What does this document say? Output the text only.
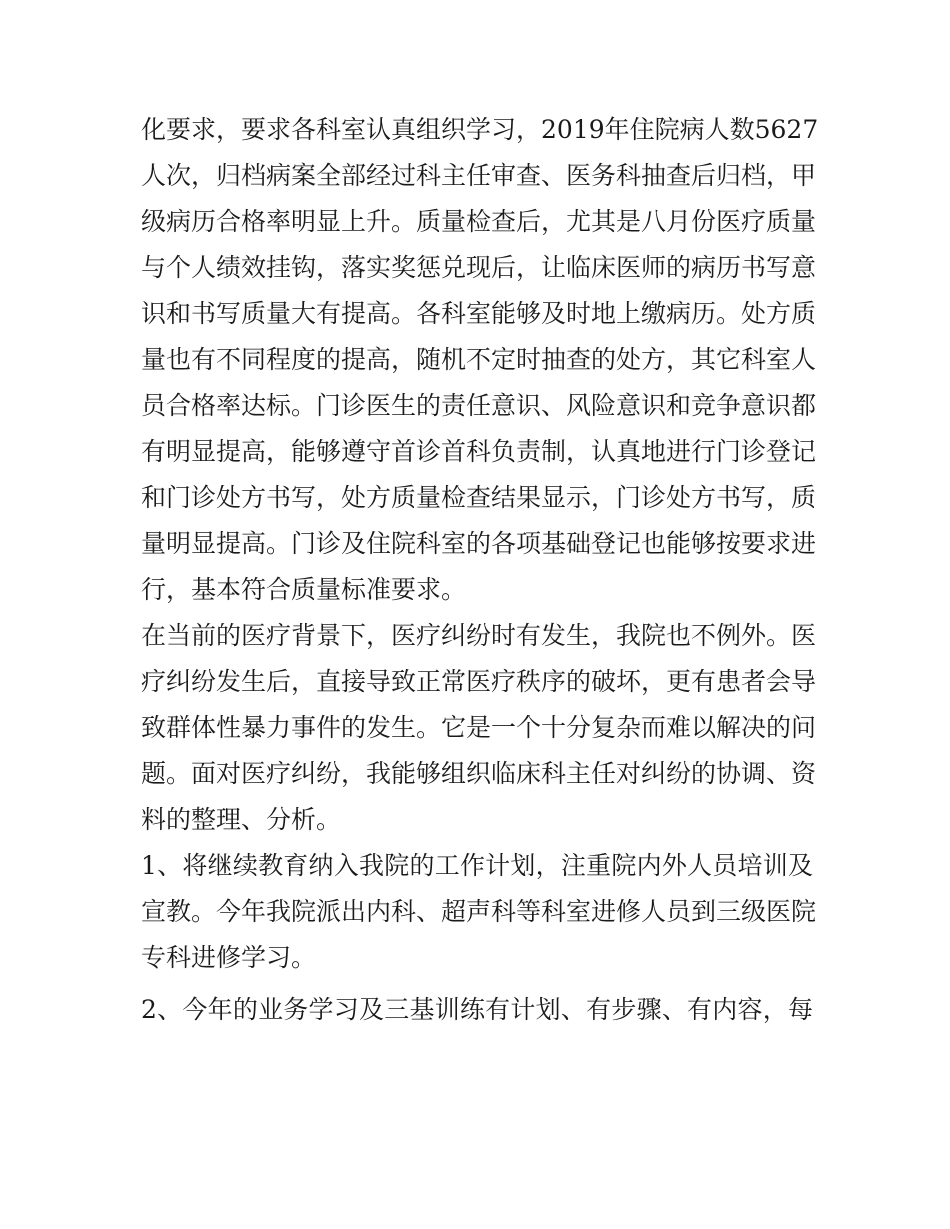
化要求，要求各科室认真组织学习，2019年住院病人数5627
人次，归档病案全部经过科主任审查、医务科抽查后归档，甲
级病历合格率明显上升。质量检查后，尤其是八月份医疗质量
与个人绩效挂钩，落实奖惩兑现后，让临床医师的病历书写意
识和书写质量大有提高。各科室能够及时地上缴病历。处方质
量也有不同程度的提高，随机不定时抽查的处方，其它科室人
员合格率达标。门诊医生的责任意识、风险意识和竞争意识都
有明显提高，能够遵守首诊首科负责制，认真地进行门诊登记
和门诊处方书写，处方质量检查结果显示，门诊处方书写，质
量明显提高。门诊及住院科室的各项基础登记也能够按要求进
行，基本符合质量标准要求。
在当前的医疗背景下，医疗纠纷时有发生，我院也不例外。医
疗纠纷发生后，直接导致正常医疗秩序的破坏，更有患者会导
致群体性暴力事件的发生。它是一个十分复杂而难以解决的问
题。面对医疗纠纷，我能够组织临床科主任对纠纷的协调、资
料的整理、分析。
1、将继续教育纳入我院的工作计划，注重院内外人员培训及
宣教。今年我院派出内科、超声科等科室进修人员到三级医院
专科进修学习。
2、今年的业务学习及三基训练有计划、有步骤、有内容，每
